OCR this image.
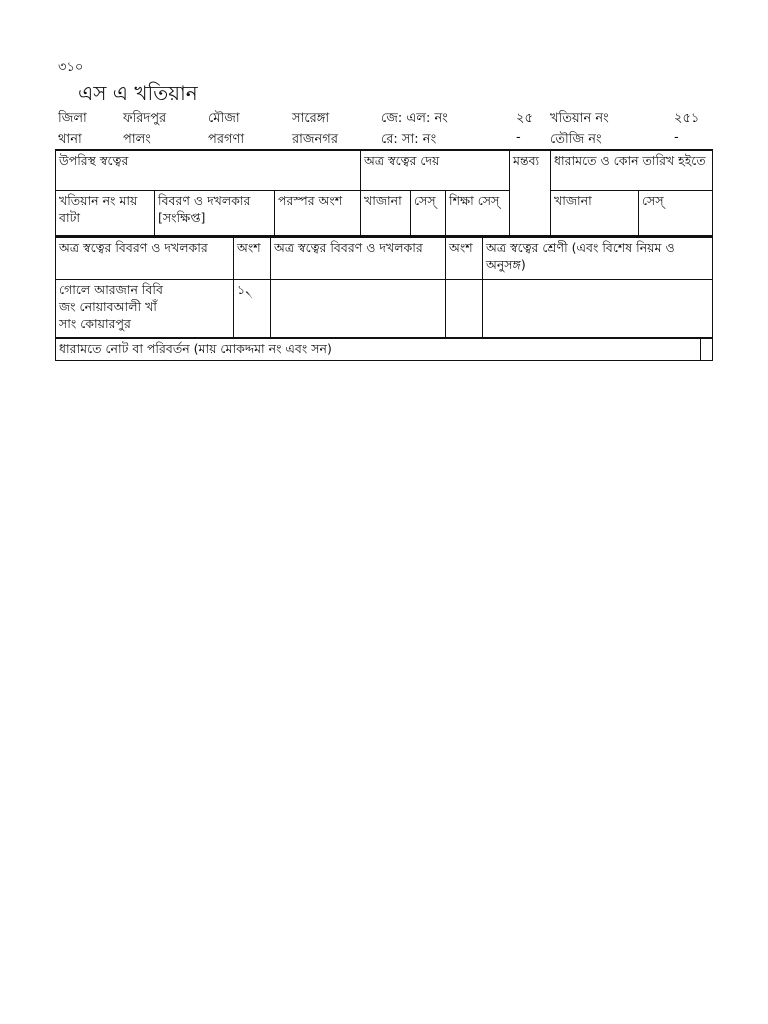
৩১০
এস এ খতিয়ান
জিলা	ফরিদপুর	মৌজা	সারেঙ্গা	জে: এল: নং	২৫ খতিয়ান নং	২৫১
থানা	পালং	পরগণা	রাজনগর	রে: সা: নং	- তৌজি নং	-
উপরিস্থ স্বত্বের			অত্র স্বত্বের দেয়			মন্তব্য	ধারামতে ও কোন তারিখ হইতে	
খতিয়ান নং মায় বাটা	বিবরণ ও দখলকার [সংক্ষিপ্ত]	পরস্পর অংশ	খাজানা	সেস্	শিক্ষা সেস্		খাজানা	সেস্
অত্র স্বত্বের বিবরণ ও দখলকার	অংশ	অত্র স্বত্বের বিবরণ ও দখলকার	অংশ	অত্র স্বত্বের শ্রেণী (এবং বিশেষ নিয়ম ও অনুসঙ্গ)

গোলে আরজান বিবি
জং নোয়াবআলী খাঁ
সাং কোয়ারপুর	১৲			
ধারামতে নোট বা পরিবর্তন (মায় মোকদ্দমা নং এবং সন)	
